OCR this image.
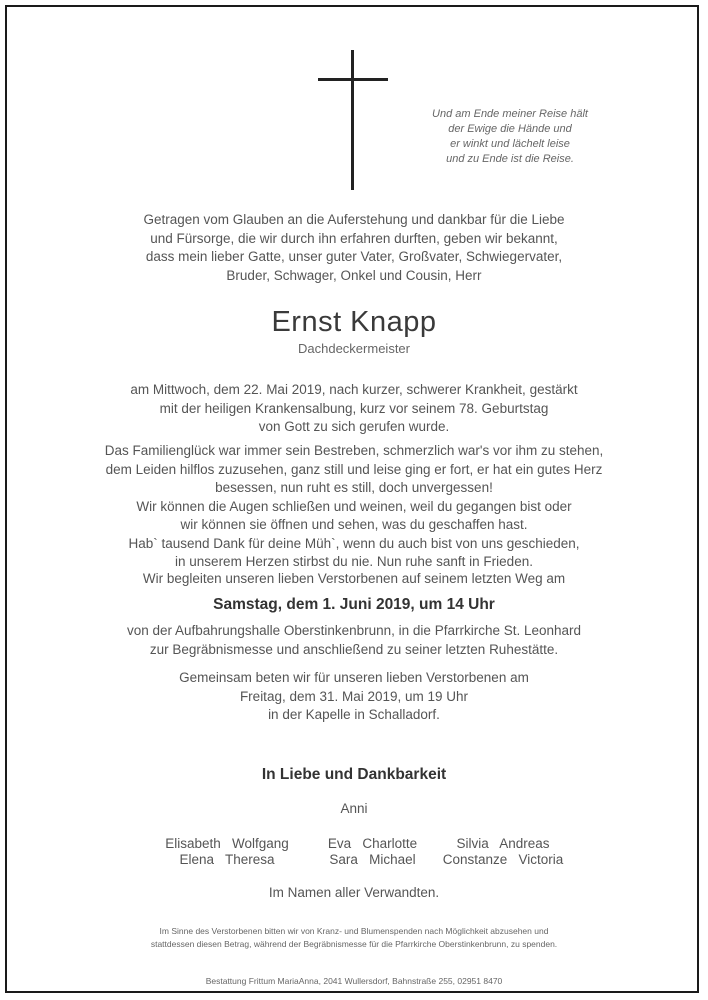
Und am Ende meiner Reise hält
der Ewige die Hände und
er winkt und lächelt leise
und zu Ende ist die Reise.
Getragen vom Glauben an die Auferstehung und dankbar für die Liebe
und Fürsorge, die wir durch ihn erfahren durften, geben wir bekannt,
dass mein lieber Gatte, unser guter Vater, Großvater, Schwiegervater,
Bruder, Schwager, Onkel und Cousin, Herr
Ernst Knapp
Dachdeckermeister
am Mittwoch, dem 22. Mai 2019, nach kurzer, schwerer Krankheit, gestärkt
mit der heiligen Krankensalbung, kurz vor seinem 78. Geburtstag
von Gott zu sich gerufen wurde.
Das Familienglück war immer sein Bestreben, schmerzlich war's vor ihm zu stehen,
dem Leiden hilflos zuzusehen, ganz still und leise ging er fort, er hat ein gutes Herz
besessen, nun ruht es still, doch unvergessen!
Wir können die Augen schließen und weinen, weil du gegangen bist oder
wir können sie öffnen und sehen, was du geschaffen hast.
Hab` tausend Dank für deine Müh`, wenn du auch bist von uns geschieden,
in unserem Herzen stirbst du nie. Nun ruhe sanft in Frieden.
Wir begleiten unseren lieben Verstorbenen auf seinem letzten Weg am
Samstag, dem 1. Juni 2019, um 14 Uhr
von der Aufbahrungshalle Oberstinkenbrunn, in die Pfarrkirche St. Leonhard
zur Begräbnismesse und anschließend zu seiner letzten Ruhestätte.
Gemeinsam beten wir für unseren lieben Verstorbenen am
Freitag, dem 31. Mai 2019, um 19 Uhr
in der Kapelle in Schalladorf.
In Liebe und Dankbarkeit
Anni
Elisabeth   Wolfgang
Elena   Theresa
Eva   Charlotte
Sara   Michael
Silvia   Andreas
Constanze   Victoria
Im Namen aller Verwandten.
Im Sinne des Verstorbenen bitten wir von Kranz- und Blumenspenden nach Möglichkeit abzusehen und
stattdessen diesen Betrag, während der Begräbnismesse für die Pfarrkirche Oberstinkenbrunn, zu spenden.
Bestattung Frittum MariaAnna, 2041 Wullersdorf, Bahnstraße 255, 02951 8470
